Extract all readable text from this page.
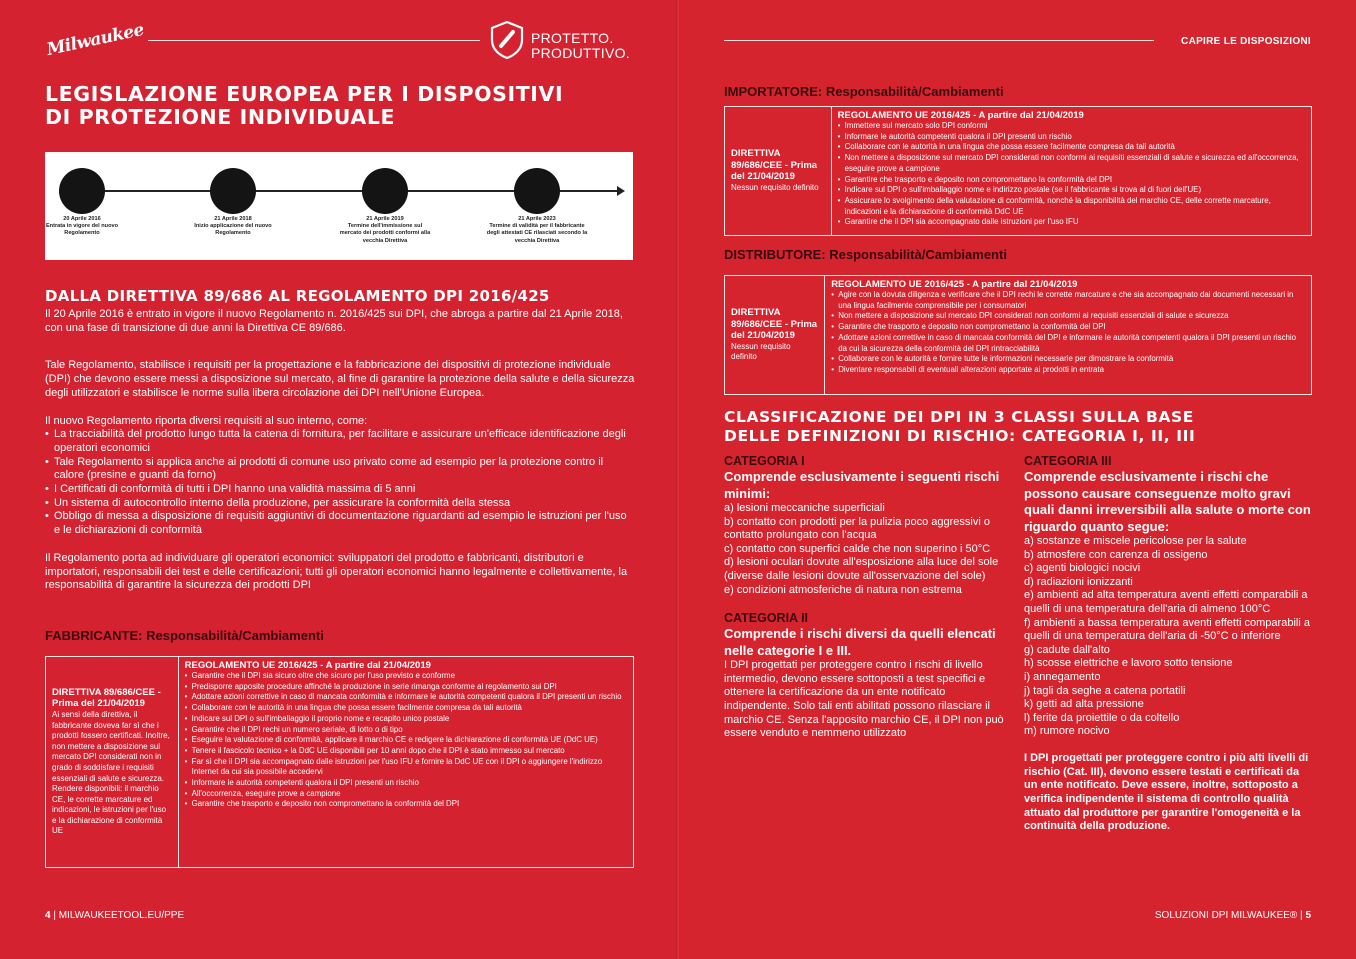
Milwaukee	PROTETTO.
PRODUTTIVO.
LEGISLAZIONE EUROPEA PER I DISPOSITIVI
DI PROTEZIONE INDIVIDUALE
20 Aprile 2016
Entrata in vigore del nuovo Regolamento
21 Aprile 2018
Inizio applicazione del nuovo Regolamento
21 Aprile 2019
Termine dell'immissione sul mercato dei prodotti conformi alla vecchia Direttiva
21 Aprile 2023
Termine di validità per il fabbricante degli attestati CE rilasciati secondo la vecchia Direttiva
DALLA DIRETTIVA 89/686 AL REGOLAMENTO DPI 2016/425

Il 20 Aprile 2016 è entrato in vigore il nuovo Regolamento n. 2016/425 sui DPI, che abroga a partire dal 21 Aprile 2018, con una fase di transizione di due anni la Direttiva CE 89/686.

Tale Regolamento, stabilisce i requisiti per la progettazione e la fabbricazione dei dispositivi di protezione individuale (DPI) che devono essere messi a disposizione sul mercato, al fine di garantire la protezione della salute e della sicurezza degli utilizzatori e stabilisce le norme sulla libera circolazione dei DPI nell'Unione Europea.

Il nuovo Regolamento riporta diversi requisiti al suo interno, come:

• La tracciabilità del prodotto lungo tutta la catena di fornitura, per facilitare e assicurare un'efficace identificazione degli operatori economici
• Tale Regolamento si applica anche ai prodotti di comune uso privato come ad esempio per la protezione contro il calore (presine e guanti da forno)
• I Certificati di conformità di tutti i DPI hanno una validità massima di 5 anni
• Un sistema di autocontrollo interno della produzione, per assicurare la conformità della stessa
• Obbligo di messa a disposizione di requisiti aggiuntivi di documentazione riguardanti ad esempio le istruzioni per l'uso e le dichiarazioni di conformità

Il Regolamento porta ad individuare gli operatori economici: sviluppatori del prodotto e fabbricanti, distributori e importatori, responsabili dei test e delle certificazioni; tutti gli operatori economici hanno legalmente e collettivamente, la responsabilità di garantire la sicurezza dei prodotti DPI

FABBRICANTE: Responsabilità/Cambiamenti
DIRETTIVA 89/686/CEE - Prima del 21/04/2019
Ai sensi della direttiva, il fabbricante doveva far sì che i prodotti fossero certificati. Inoltre, non mettere a disposizione sul mercato DPI considerati non in grado di soddisfare i requisiti essenziali di salute e sicurezza. Rendere disponibili: il marchio CE, le corrette marcature ed indicazioni, le istruzioni per l'uso e la dichiarazione di conformità UE
REGOLAMENTO UE 2016/425 - A partire dal 21/04/2019
• Garantire che il DPI sia sicuro oltre che sicuro per l'uso previsto e conforme
• Predisporre apposite procedure affinché la produzione in serie rimanga conforme al regolamento sui DPI
• Adottare azioni correttive in caso di mancata conformità e informare le autorità competenti qualora il DPI presenti un rischio
• Collaborare con le autorità in una lingua che possa essere facilmente compresa da tali autorità
• Indicare sul DPI o sull'imballaggio il proprio nome e recapito unico postale
• Garantire che il DPI rechi un numero seriale, di lotto o di tipo
• Eseguire la valutazione di conformità, applicare il marchio CE e redigere la dichiarazione di conformità UE (DdC UE)
• Tenere il fascicolo tecnico + la DdC UE disponibili per 10 anni dopo che il DPI è stato immesso sul mercato
• Far sì che il DPI sia accompagnato dalle istruzioni per l'uso IFU e fornire la DdC UE con il DPI o aggiungere l'indirizzo Internet da cui sia possibile accedervi
• Informare le autorità competenti qualora il DPI presenti un rischio
• All'occorrenza, eseguire prove a campione
• Garantire che trasporto e deposito non compromettano la conformità del DPI
4 | MILWAUKEETOOL.EU/PPE
CAPIRE LE DISPOSIZIONI
IMPORTATORE: Responsabilità/Cambiamenti
DIRETTIVA 89/686/CEE - Prima del 21/04/2019
Nessun requisito definito
REGOLAMENTO UE 2016/425 - A partire dal 21/04/2019
• Immettere sul mercato solo DPI conformi
• Informare le autorità competenti qualora il DPI presenti un rischio
• Collaborare con le autorità in una lingua che possa essere facilmente compresa da tali autorità
• Non mettere a disposizione sul mercato DPI considerati non conformi ai requisiti essenziali di salute e sicurezza ed all'occorrenza, eseguire prove a campione
• Garantire che trasporto e deposito non compromettano la conformità del DPI
• Indicare sul DPI o sull'imballaggio nome e indirizzo postale (se il fabbricante si trova al di fuori dell'UE)
• Assicurare lo svolgimento della valutazione di conformità, nonché la disponibilità del marchio CE, delle corrette marcature, indicazioni e la dichiarazione di conformità DdC UE
• Garantire che il DPI sia accompagnato dalle istruzioni per l'uso IFU
DISTRIBUTORE: Responsabilità/Cambiamenti
DIRETTIVA 89/686/CEE - Prima del 21/04/2019
Nessun requisito definito
REGOLAMENTO UE 2016/425 - A partire dal 21/04/2019
• Agire con la dovuta diligenza e verificare che il DPI rechi le corrette marcature e che sia accompagnato dai documenti necessari in una lingua facilmente comprensibile per i consumatori
• Non mettere a disposizione sul mercato DPI considerati non conformi ai requisiti essenziali di salute e sicurezza
• Garantire che trasporto e deposito non compromettano la conformità del DPI
• Adottare azioni correttive in caso di mancata conformità del DPI e informare le autorità competenti qualora il DPI presenti un rischio da cui la sicurezza della conformità del DPI rintracciabilità
• Collaborare con le autorità e fornire tutte le informazioni necessarie per dimostrare la conformità
• Diventare responsabili di eventuali alterazioni apportate ai prodotti in entrata
CLASSIFICAZIONE DEI DPI IN 3 CLASSI SULLA BASE
DELLE DEFINIZIONI DI RISCHIO: CATEGORIA I, II, III
CATEGORIA I
Comprende esclusivamente i seguenti rischi minimi:
a) lesioni meccaniche superficiali
b) contatto con prodotti per la pulizia poco aggressivi o contatto prolungato con l'acqua
c) contatto con superfici calde che non superino i 50°C
d) lesioni oculari dovute all'esposizione alla luce del sole (diverse dalle lesioni dovute all'osservazione del sole)
e) condizioni atmosferiche di natura non estrema
CATEGORIA II
Comprende i rischi diversi da quelli elencati nelle categorie I e III.
I DPI progettati per proteggere contro i rischi di livello intermedio, devono essere sottoposti a test specifici e ottenere la certificazione da un ente notificato indipendente. Solo tali enti abilitati possono rilasciare il marchio CE. Senza l'apposito marchio CE, il DPI non può essere venduto e nemmeno utilizzato
CATEGORIA III
Comprende esclusivamente i rischi che possono causare conseguenze molto gravi quali danni irreversibili alla salute o morte con riguardo quanto segue:
a) sostanze e miscele pericolose per la salute
b) atmosfere con carenza di ossigeno
c) agenti biologici nocivi
d) radiazioni ionizzanti
e) ambienti ad alta temperatura aventi effetti comparabili a quelli di una temperatura dell'aria di almeno 100°C
f) ambienti a bassa temperatura aventi effetti comparabili a quelli di una temperatura dell'aria di -50°C o inferiore
g) cadute dall'alto
h) scosse elettriche e lavoro sotto tensione
i) annegamento
j) tagli da seghe a catena portatili
k) getti ad alta pressione
l) ferite da proiettile o da coltello
m) rumore nocivo
I DPI progettati per proteggere contro i più alti livelli di rischio (Cat. III), devono essere testati e certificati da un ente notificato. Deve essere, inoltre, sottoposto a verifica indipendente il sistema di controllo qualità attuato dal produttore per garantire l'omogeneità e la continuità della produzione.
SOLUZIONI DPI MILWAUKEE® | 5
